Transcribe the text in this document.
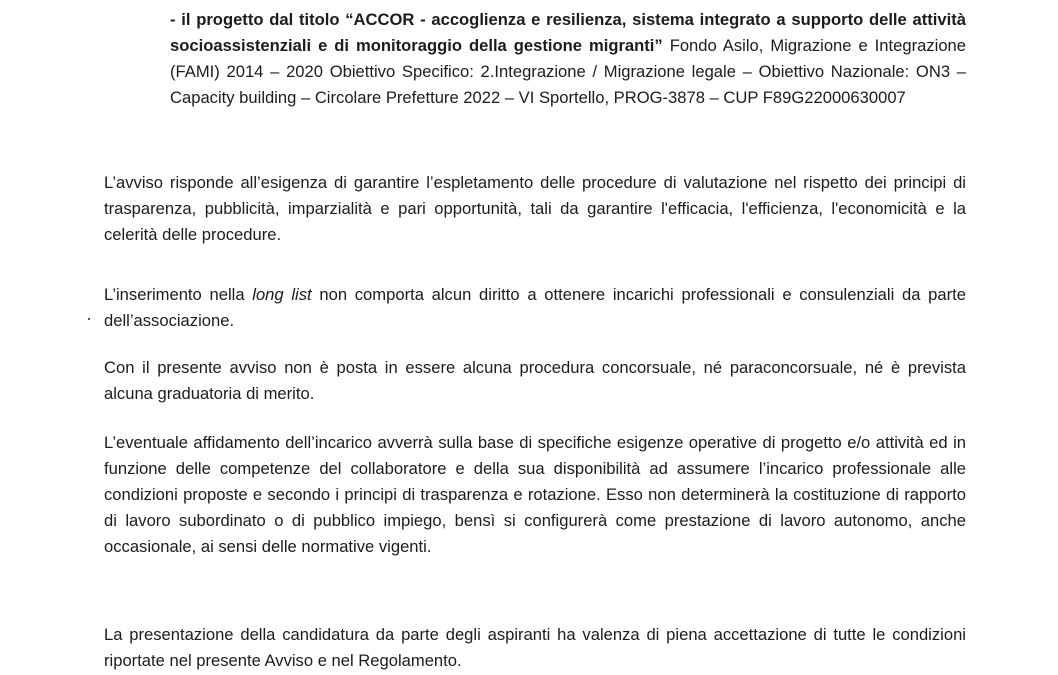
- il progetto dal titolo “ACCOR - accoglienza e resilienza, sistema integrato a supporto delle attività socioassistenziali e di monitoraggio della gestione migranti” Fondo Asilo, Migrazione e Integrazione (FAMI) 2014 – 2020 Obiettivo Specifico: 2.Integrazione / Migrazione legale – Obiettivo Nazionale: ON3 – Capacity building – Circolare Prefetture 2022 – VI Sportello, PROG-3878 – CUP F89G22000630007
L’avviso risponde all’esigenza di garantire l’espletamento delle procedure di valutazione nel rispetto dei principi di trasparenza, pubblicità, imparzialità e pari opportunità, tali da garantire l'efficacia, l'efficienza, l'economicità e la celerità delle procedure.
L’inserimento nella long list non comporta alcun diritto a ottenere incarichi professionali e consulenziali da parte dell’associazione.
Con il presente avviso non è posta in essere alcuna procedura concorsuale, né paraconcorsuale, né è prevista alcuna graduatoria di merito.
L’eventuale affidamento dell’incarico avverrà sulla base di specifiche esigenze operative di progetto e/o attività ed in funzione delle competenze del collaboratore e della sua disponibilità ad assumere l’incarico professionale alle condizioni proposte e secondo i principi di trasparenza e rotazione. Esso non determinerà la costituzione di rapporto di lavoro subordinato o di pubblico impiego, bensì si configurerà come prestazione di lavoro autonomo, anche occasionale, ai sensi delle normative vigenti.
La presentazione della candidatura da parte degli aspiranti ha valenza di piena accettazione di tutte le condizioni riportate nel presente Avviso e nel Regolamento.
